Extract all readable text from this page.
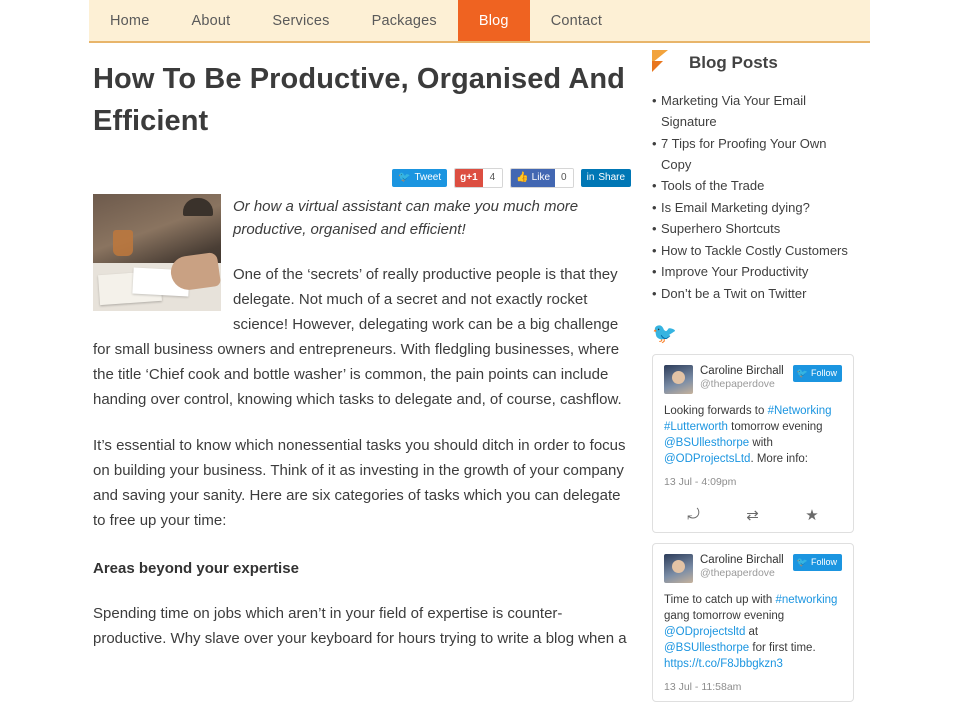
Home	About	Services	Packages	Blog	Contact
How To Be Productive, Organised And Efficient
🐦 Tweet	g+1	4	👍 Like	0	in Share

Or how a virtual assistant can make you much more productive, organised and efficient!

One of the ‘secrets’ of really productive people is that they delegate. Not much of a secret and not exactly rocket science! However, delegating work can be a big challenge for small business owners and entrepreneurs. With fledgling businesses, where the title ‘Chief cook and bottle washer’ is common, the pain points can include handing over control, knowing which tasks to delegate and, of course, cashflow.

It’s essential to know which nonessential tasks you should ditch in order to focus on building your business. Think of it as investing in the growth of your company and saving your sanity. Here are six categories of tasks which you can delegate to free up your time:

Areas beyond your expertise

Spending time on jobs which aren’t in your field of expertise is counter-productive. Why slave over your keyboard for hours trying to write a blog when a

Blog Posts
• Marketing Via Your Email Signature
• 7 Tips for Proofing Your Own Copy
• Tools of the Trade
• Is Email Marketing dying?
• Superhero Shortcuts
• How to Tackle Costly Customers
• Improve Your Productivity
• Don’t be a Twit on Twitter
🐦
Caroline Birchall
@thepaperdove
🐦 Follow
Looking forwards to #Networking #Lutterworth tomorrow evening @BSUllesthorpe with @ODProjectsLtd. More info:
13 Jul - 4:09pm
⤾	⇄	★
Caroline Birchall
@thepaperdove
🐦 Follow
Time to catch up with #networking gang tomorrow evening @ODprojectsltd at @BSUllesthorpe for first time. https://t.co/F8Jbbgkzn3
13 Jul - 11:58am
